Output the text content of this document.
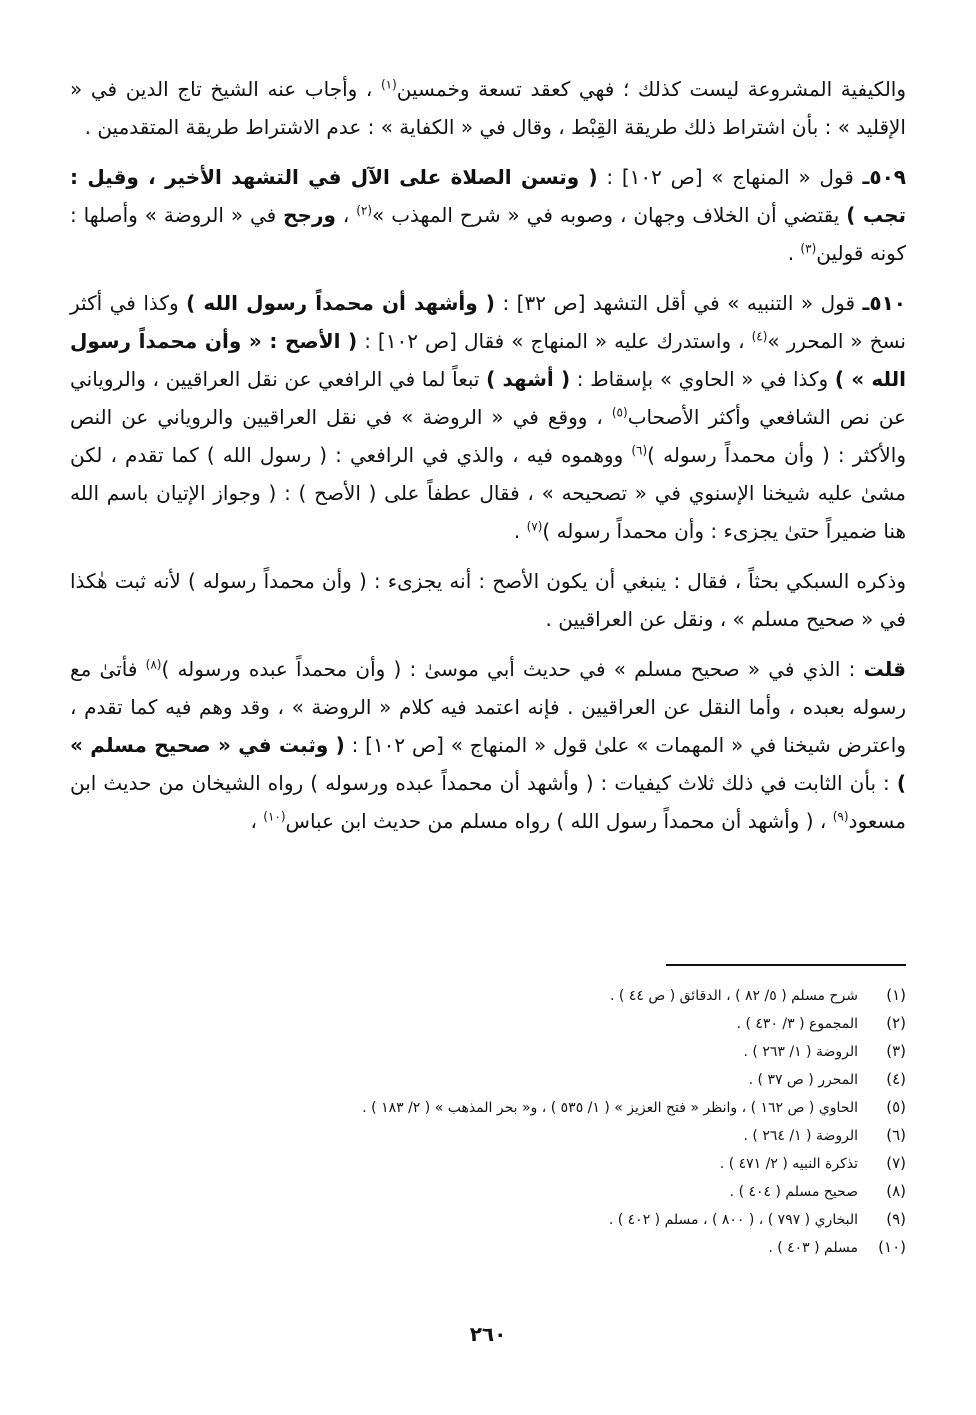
والكيفية المشروعة ليست كذلك ؛ فهي كعقد تسعة وخمسين$^{(١)}$ ، وأجاب عنه الشيخ تاج الدين في « الإقليد » : بأن اشتراط ذلك طريقة القِبْط ، وقال في « الكفاية » : عدم الاشتراط طريقة المتقدمين .

٥٠٩ـ قول « المنهاج » [ص ١٠٢] : ( وتسن الصلاة على الآل في التشهد الأخير ، وقيل : تجب ) يقتضي أن الخلاف وجهان ، وصوبه في « شرح المهذب »$^{(٢)}$ ، ورجح في « الروضة » وأصلها : كونه قولين$^{(٣)}$ .

٥١٠ـ قول « التنبيه » في أقل التشهد [ص ٣٢] : ( وأشهد أن محمداً رسول الله ) وكذا في أكثر نسخ « المحرر »$^{(٤)}$ ، واستدرك عليه « المنهاج » فقال [ص ١٠٢] : ( الأصح : « وأن محمداً رسول الله » ) وكذا في « الحاوي » بإسقاط : ( أشهد ) تبعاً لما في الرافعي عن نقل العراقيين ، والروياني عن نص الشافعي وأكثر الأصحاب$^{(٥)}$ ، ووقع في « الروضة » في نقل العراقيين والروياني عن النص والأكثر : ( وأن محمداً رسوله )$^{(٦)}$ ووهموه فيه ، والذي في الرافعي : ( رسول الله ) كما تقدم ، لكن مشىٰ عليه شيخنا الإسنوي في « تصحيحه » ، فقال عطفاً على ( الأصح ) : ( وجواز الإتيان باسم الله هنا ضميراً حتىٰ يجزىء : وأن محمداً رسوله )$^{(٧)}$ .

وذكره السبكي بحثاً ، فقال : ينبغي أن يكون الأصح : أنه يجزىء : ( وأن محمداً رسوله ) لأنه ثبت هٰكذا في « صحيح مسلم » ، ونقل عن العراقيين .

قلت : الذي في « صحيح مسلم » في حديث أبي موسىٰ : ( وأن محمداً عبده ورسوله )$^{(٨)}$ فأتىٰ مع رسوله بعبده ، وأما النقل عن العراقيين . فإنه اعتمد فيه كلام « الروضة » ، وقد وهم فيه كما تقدم ، واعترض شيخنا في « المهمات » علىٰ قول « المنهاج » [ص ١٠٢] : ( وثبت في « صحيح مسلم » ) : بأن الثابت في ذلك ثلاث كيفيات : ( وأشهد أن محمداً عبده ورسوله ) رواه الشيخان من حديث ابن مسعود$^{(٩)}$ ، ( وأشهد أن محمداً رسول الله ) رواه مسلم من حديث ابن عباس$^{(١٠)}$ ،

(١)
شرح مسلم ( ٥/ ٨٢ ) ، الدقائق ( ص ٤٤ ) .
(٢)
المجموع ( ٣/ ٤٣٠ ) .
(٣)
الروضة ( ١/ ٢٦٣ ) .
(٤)
المحرر ( ص ٣٧ ) .
(٥)
الحاوي ( ص ١٦٢ ) ، وانظر « فتح العزيز » ( ١/ ٥٣٥ ) ، و« بحر المذهب » ( ٢/ ١٨٣ ) .
(٦)
الروضة ( ١/ ٢٦٤ ) .
(٧)
تذكرة النبيه ( ٢/ ٤٧١ ) .
(٨)
صحيح مسلم ( ٤٠٤ ) .
(٩)
البخاري ( ٧٩٧ ) ، ( ٨٠٠ ) ، مسلم ( ٤٠٢ ) .
(١٠)
مسلم ( ٤٠٣ ) .
٢٦٠
